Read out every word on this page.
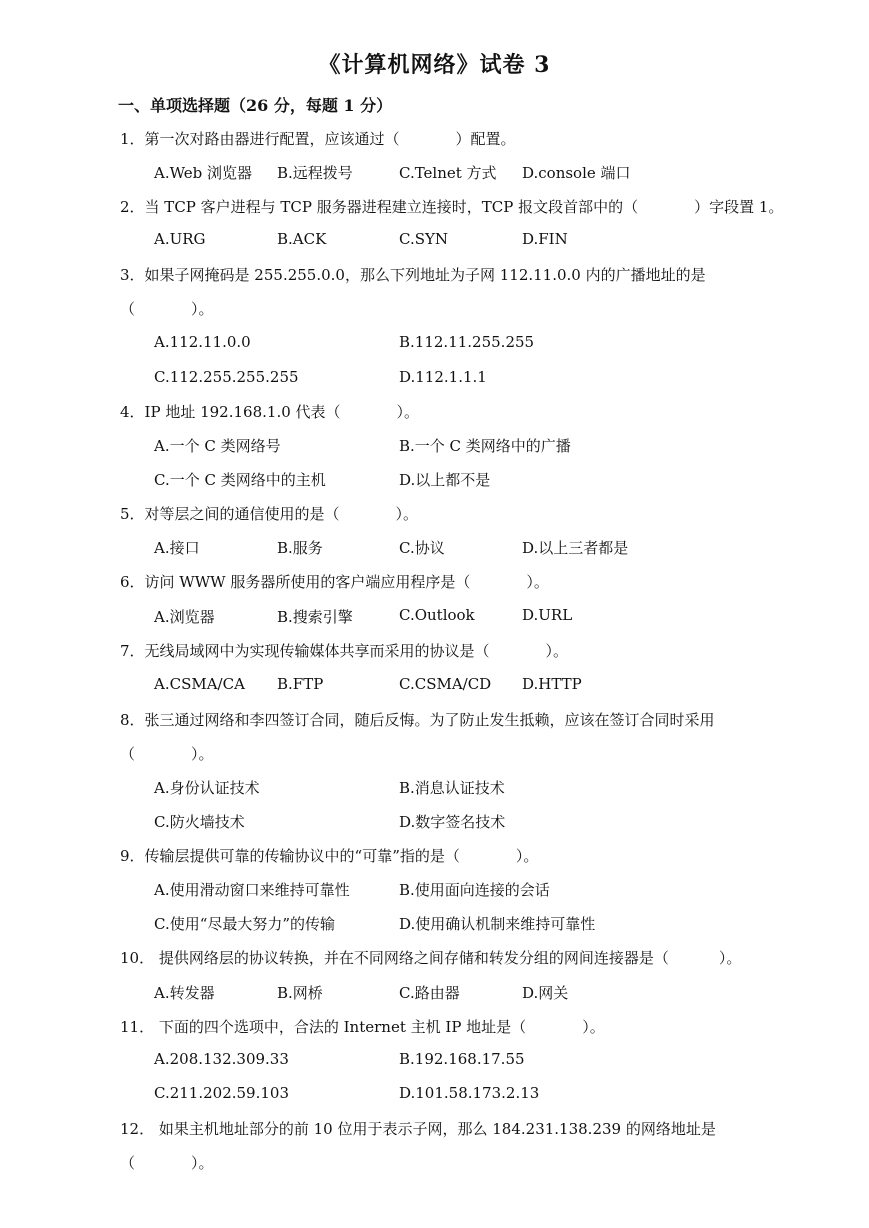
《计算机网络》试卷 3
一、单项选择题（26 分，每题 1 分）
1．第一次对路由器进行配置，应该通过（	）配置。
A.Web 浏览器 B.远程拨号	C.Telnet 方式 D.console 端口
2．当 TCP 客户进程与 TCP 服务器进程建立连接时，TCP 报文段首部中的（	）字段置 1。
A.URG	B.ACK	C.SYN	D.FIN
3．如果子网掩码是 255.255.0.0，那么下列地址为子网 112.11.0.0 内的广播地址的是
（	）。
A.112.11.0.0	B.112.11.255.255
C.112.255.255.255	D.112.1.1.1
4．IP 地址 192.168.1.0 代表（	）。
A.一个 C 类网络号	B.一个 C 类网络中的广播
C.一个 C 类网络中的主机	D.以上都不是
5．对等层之间的通信使用的是（	）。
A.接口	B.服务	C.协议	D.以上三者都是
6．访问 WWW 服务器所使用的客户端应用程序是（	）。
A.浏览器	B.搜索引擎	C.Outlook	D.URL
7．无线局域网中为实现传输媒体共享而采用的协议是（	）。
A.CSMA/CA B.FTP	C.CSMA/CD D.HTTP
8．张三通过网络和李四签订合同，随后反悔。为了防止发生抵赖，应该在签订合同时采用
（	）。
A.身份认证技术	B.消息认证技术
C.防火墙技术	D.数字签名技术
9．传输层提供可靠的传输协议中的“可靠”指的是（	）。
A.使用滑动窗口来维持可靠性	B.使用面向连接的会话
C.使用“尽最大努力”的传输	D.使用确认机制来维持可靠性
10． 提供网络层的协议转换，并在不同网络之间存储和转发分组的网间连接器是（	）。
A.转发器	B.网桥	C.路由器	D.网关
11． 下面的四个选项中，合法的 Internet 主机 IP 地址是（	）。
A.208.132.309.33	B.192.168.17.55
C.211.202.59.103	D.101.58.173.2.13
12． 如果主机地址部分的前 10 位用于表示子网，那么 184.231.138.239 的网络地址是
（	）。
